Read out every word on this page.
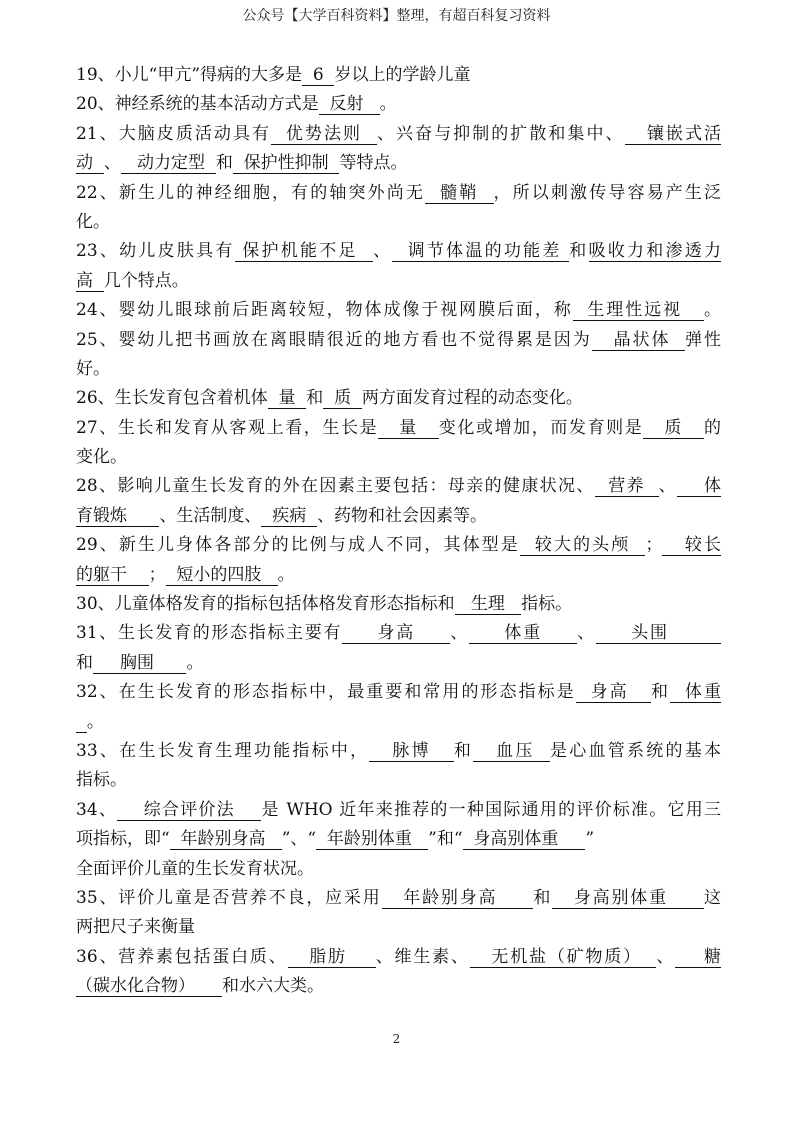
公众号【大学百科资料】整理，有超百科复习资料
19、小儿“甲亢”得病的大多是  6  岁以上的学龄儿童
20、神经系统的基本活动方式是  反射   。
21、大脑皮质活动具有  优势法则  、兴奋与抑制的扩散和集中、   镶嵌式活
动  、   动力定型  和  保护性抑制  等特点。
22、新生儿的神经细胞，有的轴突外尚无  髓鞘  ，所以刺激传导容易产生泛
化。
23、幼儿皮肤具有 保护机能不足  、  调节体温的功能差 和吸收力和渗透力
高  几个特点。
24、婴幼儿眼球前后距离较短，物体成像于视网膜后面，称  生理性远视   。
25、婴幼儿把书画放在离眼睛很近的地方看也不觉得累是因为   晶状体  弹性
好。
26、生长发育包含着机体  量  和  质  两方面发育过程的动态变化。
27、生长和发育从客观上看，生长是   量   变化或增加，而发育则是   质   的
变化。
28、影响儿童生长发育的外在因素主要包括：母亲的健康状况、  营养  、    体
育锻炼      、生活制度、  疾病  、药物和社会因素等。
29、新生儿身体各部分的比例与成人不同，其体型是  较大的头颅  ；   较长
的躯干    ；  短小的四肢   。
30、儿童体格发育的指标包括体格发育形态指标和   生理   指标。
31、生长发育的形态指标主要有     身高     、     体重     、     头围
和     胸围      。
32、在生长发育的形态指标中，最重要和常用的形态指标是  身高   和  体重
。
33、在生长发育生理功能指标中，   脉博   和   血压  是心血管系统的基本
指标。
34、    综合评价法    是 WHO 近年来推荐的一种国际通用的评价标准。它用三
项指标，即“  年龄别身高   ”、“  年龄别体重   ”和“  身高别体重     ”
全面评价儿童的生长发育状况。
35、评价儿童是否营养不良，应采用   年龄别身高     和   身高别体重     这
两把尺子来衡量
36、营养素包括蛋白质、   脂肪    、维生素、   无机盐（矿物质）  、    糖
（碳水化合物）     和水六大类。
2
